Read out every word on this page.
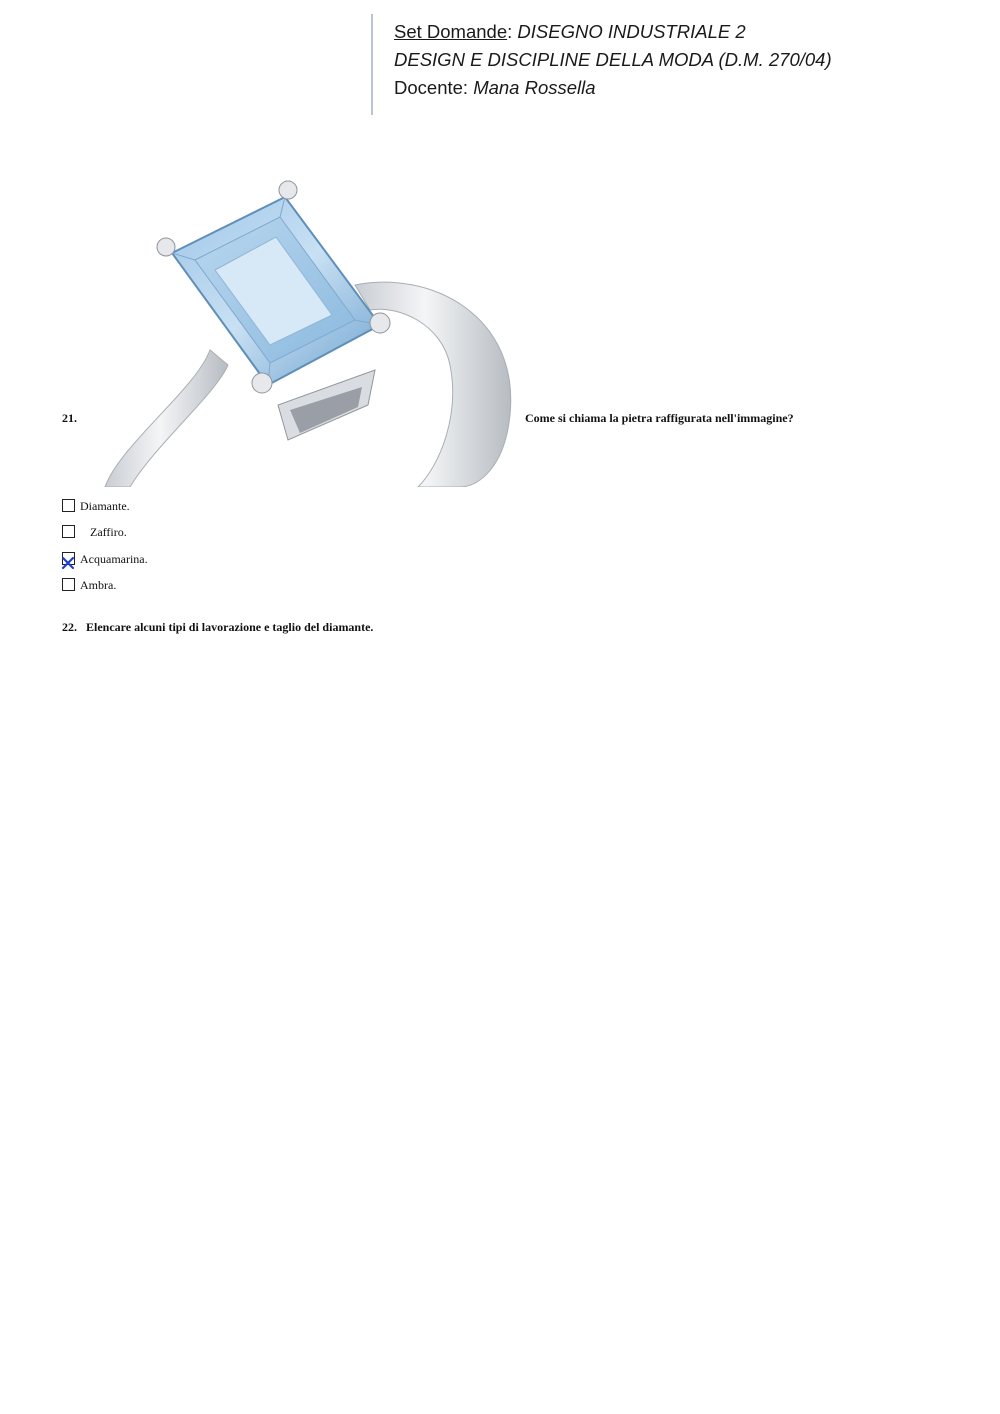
Set Domande: DISEGNO INDUSTRIALE 2
DESIGN E DISCIPLINE DELLA MODA (D.M. 270/04)
Docente: Mana Rossella
21.	Come si chiama la pietra raffigurata nell'immagine?
Diamante.
Zaffiro.
Acquamarina.
Ambra.
22. Elencare alcuni tipi di lavorazione e taglio del diamante.
